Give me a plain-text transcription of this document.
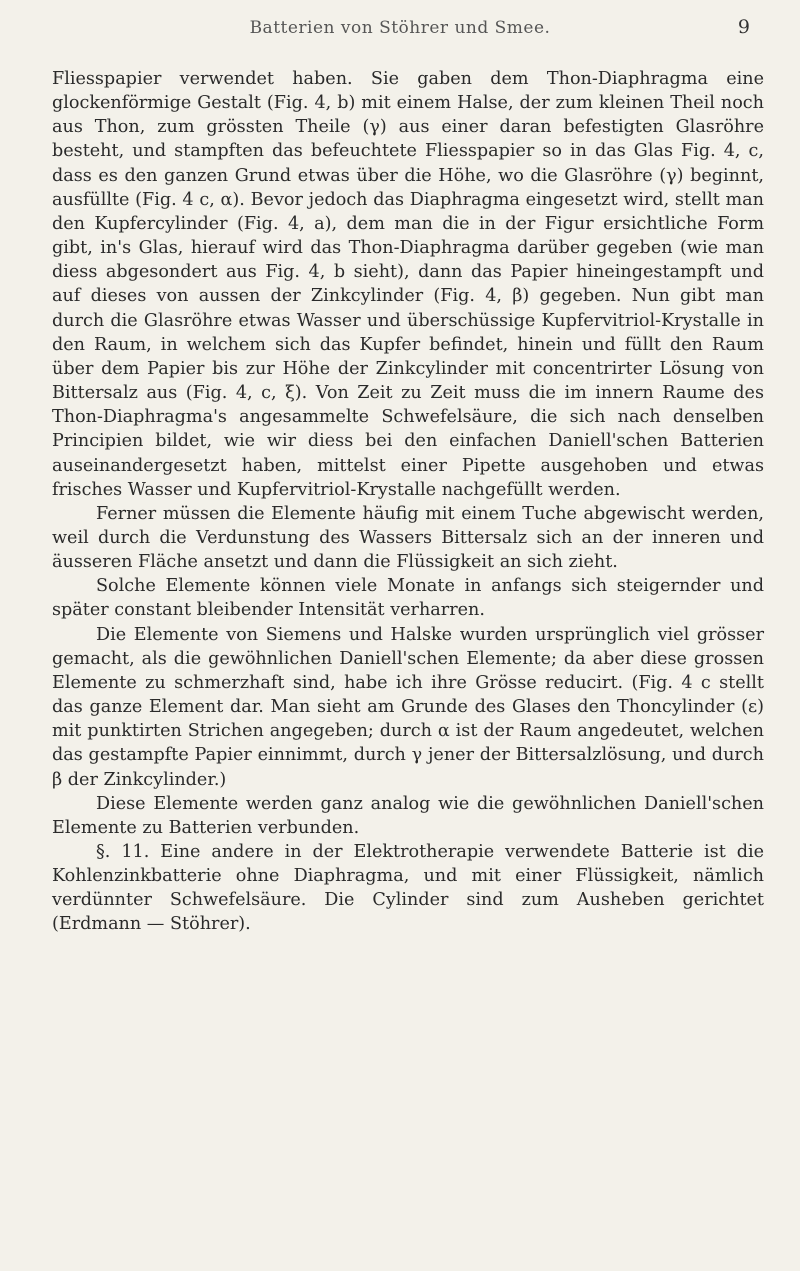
Batterien von Stöhrer und Smee.	9

Fliesspapier verwendet haben. Sie gaben dem Thon-Diaphragma eine glockenförmige Gestalt (Fig. 4, b) mit einem Halse, der zum kleinen Theil noch aus Thon, zum grössten Theile (γ) aus einer daran befestigten Glasröhre besteht, und stampften das befeuchtete Fliesspapier so in das Glas Fig. 4, c, dass es den ganzen Grund etwas über die Höhe, wo die Glasröhre (γ) beginnt, ausfüllte (Fig. 4 c, α). Bevor jedoch das Diaphragma eingesetzt wird, stellt man den Kupfercylinder (Fig. 4, a), dem man die in der Figur ersichtliche Form gibt, in's Glas, hierauf wird das Thon-Diaphragma darüber gegeben (wie man diess abgesondert aus Fig. 4, b sieht), dann das Papier hineingestampft und auf dieses von aussen der Zinkcylinder (Fig. 4, β) gegeben. Nun gibt man durch die Glasröhre etwas Wasser und überschüssige Kupfervitriol-Krystalle in den Raum, in welchem sich das Kupfer befindet, hinein und füllt den Raum über dem Papier bis zur Höhe der Zinkcylinder mit concentrirter Lösung von Bittersalz aus (Fig. 4, c, ξ). Von Zeit zu Zeit muss die im innern Raume des Thon-Diaphragma's angesammelte Schwefelsäure, die sich nach denselben Principien bildet, wie wir diess bei den einfachen Daniell'schen Batterien auseinandergesetzt haben, mittelst einer Pipette ausgehoben und etwas frisches Wasser und Kupfervitriol-Krystalle nachgefüllt werden.

Ferner müssen die Elemente häufig mit einem Tuche abgewischt werden, weil durch die Verdunstung des Wassers Bittersalz sich an der inneren und äusseren Fläche ansetzt und dann die Flüssigkeit an sich zieht.

Solche Elemente können viele Monate in anfangs sich steigernder und später constant bleibender Intensität verharren.

Die Elemente von Siemens und Halske wurden ursprünglich viel grösser gemacht, als die gewöhnlichen Daniell'schen Elemente; da aber diese grossen Elemente zu schmerzhaft sind, habe ich ihre Grösse reducirt. (Fig. 4 c stellt das ganze Element dar. Man sieht am Grunde des Glases den Thoncylinder (ε) mit punktirten Strichen angegeben; durch α ist der Raum angedeutet, welchen das gestampfte Papier einnimmt, durch γ jener der Bittersalzlösung, und durch β der Zinkcylinder.)

Diese Elemente werden ganz analog wie die gewöhnlichen Daniell'schen Elemente zu Batterien verbunden.

§. 11. Eine andere in der Elektrotherapie verwendete Batterie ist die Kohlenzinkbatterie ohne Diaphragma, und mit einer Flüssigkeit, nämlich verdünnter Schwefelsäure. Die Cylinder sind zum Ausheben gerichtet (Erdmann — Stöhrer).
